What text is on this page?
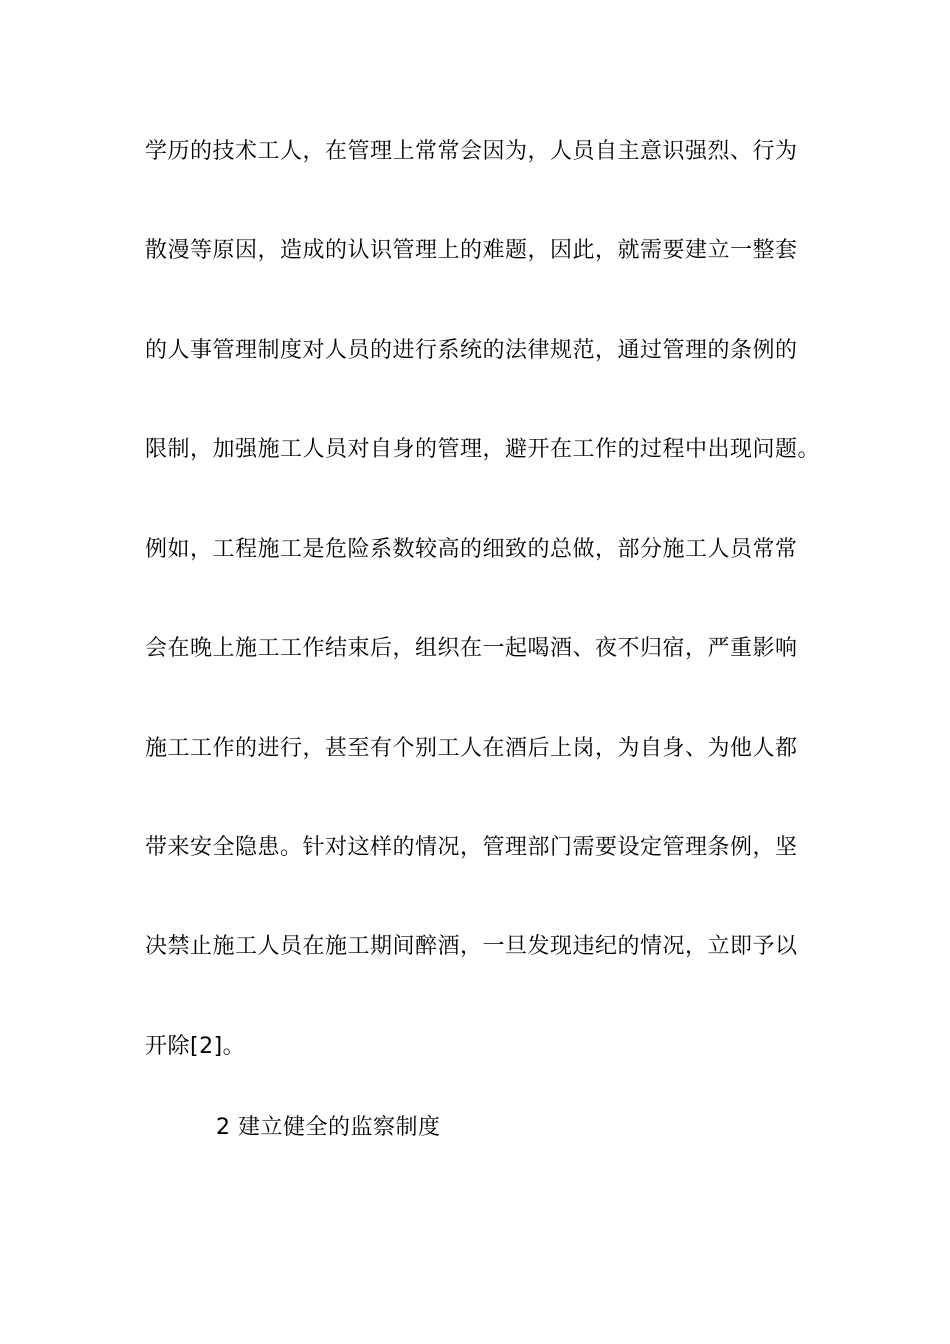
学历的技术工人，在管理上常常会因为，人员自主意识强烈、行为

散漫等原因，造成的认识管理上的难题，因此，就需要建立一整套

的人事管理制度对人员的进行系统的法律规范，通过管理的条例的

限制，加强施工人员对自身的管理，避开在工作的过程中出现问题。

例如，工程施工是危险系数较高的细致的总做，部分施工人员常常

会在晚上施工工作结束后，组织在一起喝酒、夜不归宿，严重影响

施工工作的进行，甚至有个别工人在酒后上岗，为自身、为他人都

带来安全隐患。针对这样的情况，管理部门需要设定管理条例，坚

决禁止施工人员在施工期间醉酒，一旦发现违纪的情况，立即予以

开除[2]。

2 建立健全的监察制度
